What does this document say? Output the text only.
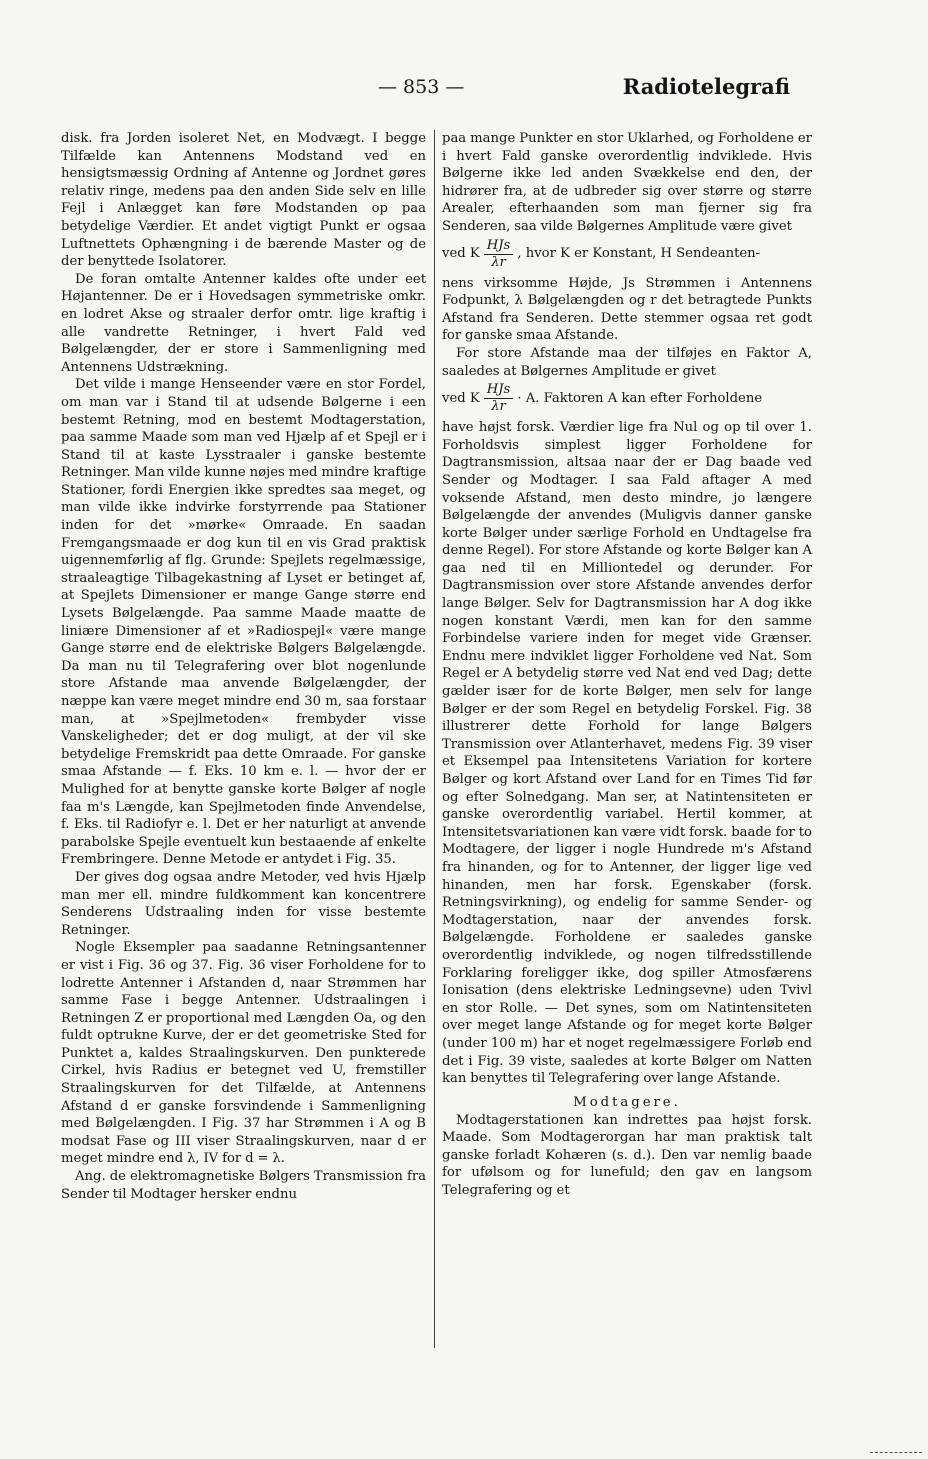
— 853 —	Radiotelegrafi

disk. fra Jorden isoleret Net, en Modvægt. I begge Tilfælde kan Antennens Modstand ved en hensigtsmæssig Ordning af Antenne og Jordnet gøres relativ ringe, medens paa den anden Side selv en lille Fejl i Anlægget kan føre Modstanden op paa betydelige Værdier. Et andet vigtigt Punkt er ogsaa Luftnettets Ophængning i de bærende Master og de der benyttede Isolatorer.

De foran omtalte Antenner kaldes ofte under eet Højantenner. De er i Hovedsagen symmetriske omkr. en lodret Akse og straaler derfor omtr. lige kraftig i alle vandrette Retninger, i hvert Fald ved Bølgelængder, der er store i Sammenligning med Antennens Udstrækning.

Det vilde i mange Henseender være en stor Fordel, om man var i Stand til at udsende Bølgerne i een bestemt Retning, mod en bestemt Modtagerstation, paa samme Maade som man ved Hjælp af et Spejl er i Stand til at kaste Lysstraaler i ganske bestemte Retninger. Man vilde kunne nøjes med mindre kraftige Stationer, fordi Energien ikke spredtes saa meget, og man vilde ikke indvirke forstyrrende paa Stationer inden for det »mørke« Omraade. En saadan Fremgangsmaade er dog kun til en vis Grad praktisk uigennemførlig af flg. Grunde: Spejlets regelmæssige, straaleagtige Tilbagekastning af Lyset er betinget af, at Spejlets Dimensioner er mange Gange større end Lysets Bølgelængde. Paa samme Maade maatte de liniære Dimensioner af et »Radiospejl« være mange Gange større end de elektriske Bølgers Bølgelængde. Da man nu til Telegrafering over blot nogenlunde store Afstande maa anvende Bølgelængder, der næppe kan være meget mindre end 30 m, saa forstaar man, at »Spejlmetoden« frembyder visse Vanskeligheder; det er dog muligt, at der vil ske betydelige Fremskridt paa dette Omraade. For ganske smaa Afstande — f. Eks. 10 km e. l. — hvor der er Mulighed for at benytte ganske korte Bølger af nogle faa m's Længde, kan Spejlmetoden finde Anvendelse, f. Eks. til Radiofyr e. l. Det er her naturligt at anvende parabolske Spejle eventuelt kun bestaaende af enkelte Frembringere. Denne Metode er antydet i Fig. 35.

Der gives dog ogsaa andre Metoder, ved hvis Hjælp man mer ell. mindre fuldkomment kan koncentrere Senderens Udstraaling inden for visse bestemte Retninger.

Nogle Eksempler paa saadanne Retningsantenner er vist i Fig. 36 og 37. Fig. 36 viser Forholdene for to lodrette Antenner i Afstanden d, naar Strømmen har samme Fase i begge Antenner. Udstraalingen i Retningen Z er proportional med Længden Oa, og den fuldt optrukne Kurve, der er det geometriske Sted for Punktet a, kaldes Straalingskurven. Den punkterede Cirkel, hvis Radius er betegnet ved U, fremstiller Straalingskurven for det Tilfælde, at Antennens Afstand d er ganske forsvindende i Sammenligning med Bølgelængden. I Fig. 37 har Strømmen i A og B modsat Fase og III viser Straalingskurven, naar d er meget mindre end λ, IV for d = λ.

Ang. de elektromagnetiske Bølgers Transmission fra Sender til Modtager hersker endnu

paa mange Punkter en stor Uklarhed, og Forholdene er i hvert Fald ganske overordentlig indviklede. Hvis Bølgerne ikke led anden Svækkelse end den, der hidrører fra, at de udbreder sig over større og større Arealer, efterhaanden som man fjerner sig fra Senderen, saa vilde Bølgernes Amplitude være givet

ved K $\frac{\text{HJs}}{\lambda r}$ , hvor K er Konstant, H Sendeanten-

nens virksomme Højde, Js Strømmen i Antennens Fodpunkt, λ Bølgelængden og r det betragtede Punkts Afstand fra Senderen. Dette stemmer ogsaa ret godt for ganske smaa Afstande.

For store Afstande maa der tilføjes en Faktor A, saaledes at Bølgernes Amplitude er givet

ved K $\frac{\text{HJs}}{\lambda r} \cdot A$. Faktoren A kan efter Forholdene

have højst forsk. Værdier lige fra Nul og op til over 1. Forholdsvis simplest ligger Forholdene for Dagtransmission, altsaa naar der er Dag baade ved Sender og Modtager. I saa Fald aftager A med voksende Afstand, men desto mindre, jo længere Bølgelængde der anvendes (Muligvis danner ganske korte Bølger under særlige Forhold en Undtagelse fra denne Regel). For store Afstande og korte Bølger kan A gaa ned til en Milliontedel og derunder. For Dagtransmission over store Afstande anvendes derfor lange Bølger. Selv for Dagtransmission har A dog ikke nogen konstant Værdi, men kan for den samme Forbindelse variere inden for meget vide Grænser. Endnu mere indviklet ligger Forholdene ved Nat. Som Regel er A betydelig større ved Nat end ved Dag; dette gælder især for de korte Bølger, men selv for lange Bølger er der som Regel en betydelig Forskel. Fig. 38 illustrerer dette Forhold for lange Bølgers Transmission over Atlanterhavet, medens Fig. 39 viser et Eksempel paa Intensitetens Variation for kortere Bølger og kort Afstand over Land for en Times Tid før og efter Solnedgang. Man ser, at Natintensiteten er ganske overordentlig variabel. Hertil kommer, at Intensitetsvariationen kan være vidt forsk. baade for to Modtagere, der ligger i nogle Hundrede m's Afstand fra hinanden, og for to Antenner, der ligger lige ved hinanden, men har forsk. Egenskaber (forsk. Retningsvirkning), og endelig for samme Sender- og Modtagerstation, naar der anvendes forsk. Bølgelængde. Forholdene er saaledes ganske overordentlig indviklede, og nogen tilfredsstillende Forklaring foreligger ikke, dog spiller Atmosfærens Ionisation (dens elektriske Ledningsevne) uden Tvivl en stor Rolle. — Det synes, som om Natintensiteten over meget lange Afstande og for meget korte Bølger (under 100 m) har et noget regelmæssigere Forløb end det i Fig. 39 viste, saaledes at korte Bølger om Natten kan benyttes til Telegrafering over lange Afstande.

Modtagere.

Modtagerstationen kan indrettes paa højst forsk. Maade. Som Modtagerorgan har man praktisk talt ganske forladt Kohæren (s. d.). Den var nemlig baade for ufølsom og for lunefuld; den gav en langsom Telegrafering og et
